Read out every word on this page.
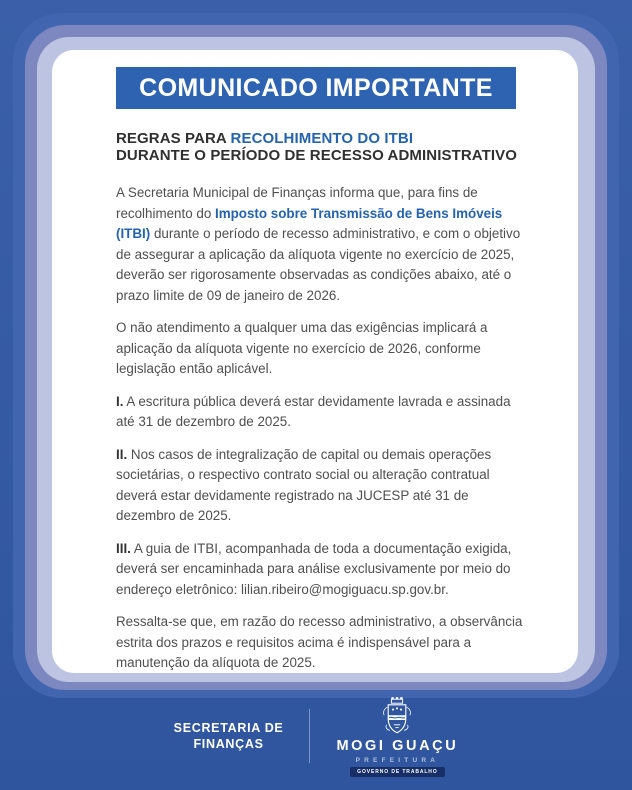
COMUNICADO IMPORTANTE
REGRAS PARA RECOLHIMENTO DO ITBI
DURANTE O PERÍODO DE RECESSO ADMINISTRATIVO

A Secretaria Municipal de Finanças informa que, para fins de recolhimento do Imposto sobre Transmissão de Bens Imóveis (ITBI) durante o período de recesso administrativo, e com o objetivo de assegurar a aplicação da alíquota vigente no exercício de 2025, deverão ser rigorosamente observadas as condições abaixo, até o prazo limite de 09 de janeiro de 2026.

O não atendimento a qualquer uma das exigências implicará a aplicação da alíquota vigente no exercício de 2026, conforme legislação então aplicável.

I. A escritura pública deverá estar devidamente lavrada e assinada até 31 de dezembro de 2025.

II. Nos casos de integralização de capital ou demais operações societárias, o respectivo contrato social ou alteração contratual deverá estar devidamente registrado na JUCESP até 31 de dezembro de 2025.

III. A guia de ITBI, acompanhada de toda a documentação exigida, deverá ser encaminhada para análise exclusivamente por meio do endereço eletrônico: lilian.ribeiro@mogiguacu.sp.gov.br.

Ressalta-se que, em razão do recesso administrativo, a observância estrita dos prazos e requisitos acima é indispensável para a manutenção da alíquota de 2025.

SECRETARIA DE
FINANÇAS	MOGI GUAÇU
PREFEITURA
GOVERNO DE TRABALHO
